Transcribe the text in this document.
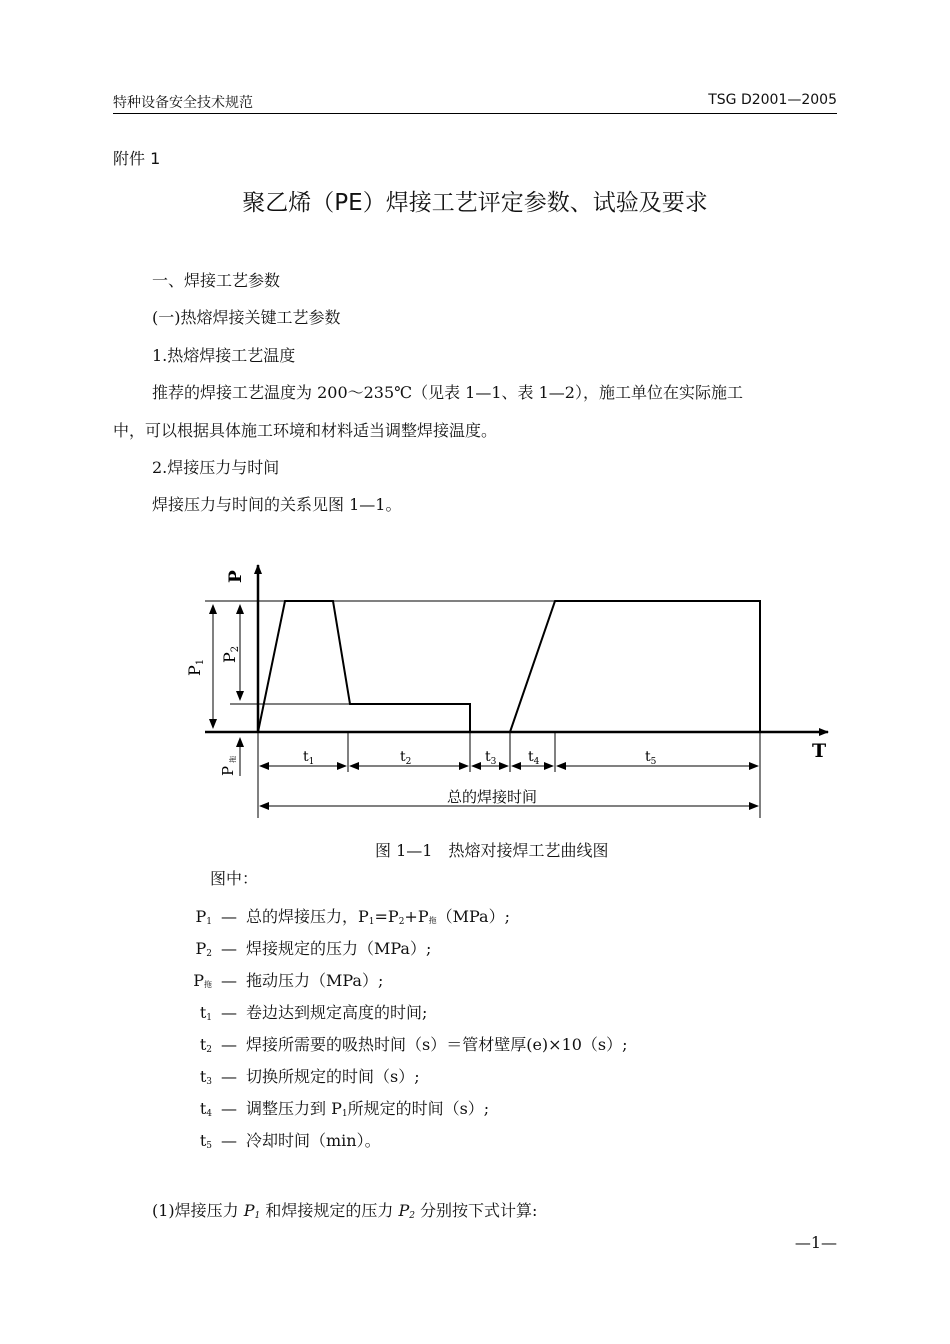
特种设备安全技术规范	TSG D2001—2005
附件 1
聚乙烯（PE）焊接工艺评定参数、试验及要求
一、焊接工艺参数
(一)热熔焊接关键工艺参数
1.热熔焊接工艺温度
推荐的焊接工艺温度为 200～235℃（见表 1—1、表 1—2），施工单位在实际施工
中，可以根据具体施工环境和材料适当调整焊接温度。
2.焊接压力与时间
焊接压力与时间的关系见图 1—1。
P
T
P1 P2
P拖	$t_1$	$t_2$	$t_3$ $t_4$	$t_5$
总的焊接时间
图 1—1　热熔对接焊工艺曲线图
图中：
$P_1$ — 总的焊接压力，$P_1=P_2+P_拖(MPa)$;
$P_2$ — 焊接规定的压力（MPa）;
$P_拖$ — 拖动压力（MPa）;
$t_1$ — 卷边达到规定高度的时间;
$t_2$ — 焊接所需要的吸热时间（s）＝管材壁厚(e)×10（s）;
$t_3$ — 切换所规定的时间（s）;
$t_4$ — 调整压力到 $P_1$所规定的时间（s）;
$t_5$ — 冷却时间（min）。
(1)焊接压力 $P_1$ 和焊接规定的压力 $P_2$ 分别按下式计算:
—1—
